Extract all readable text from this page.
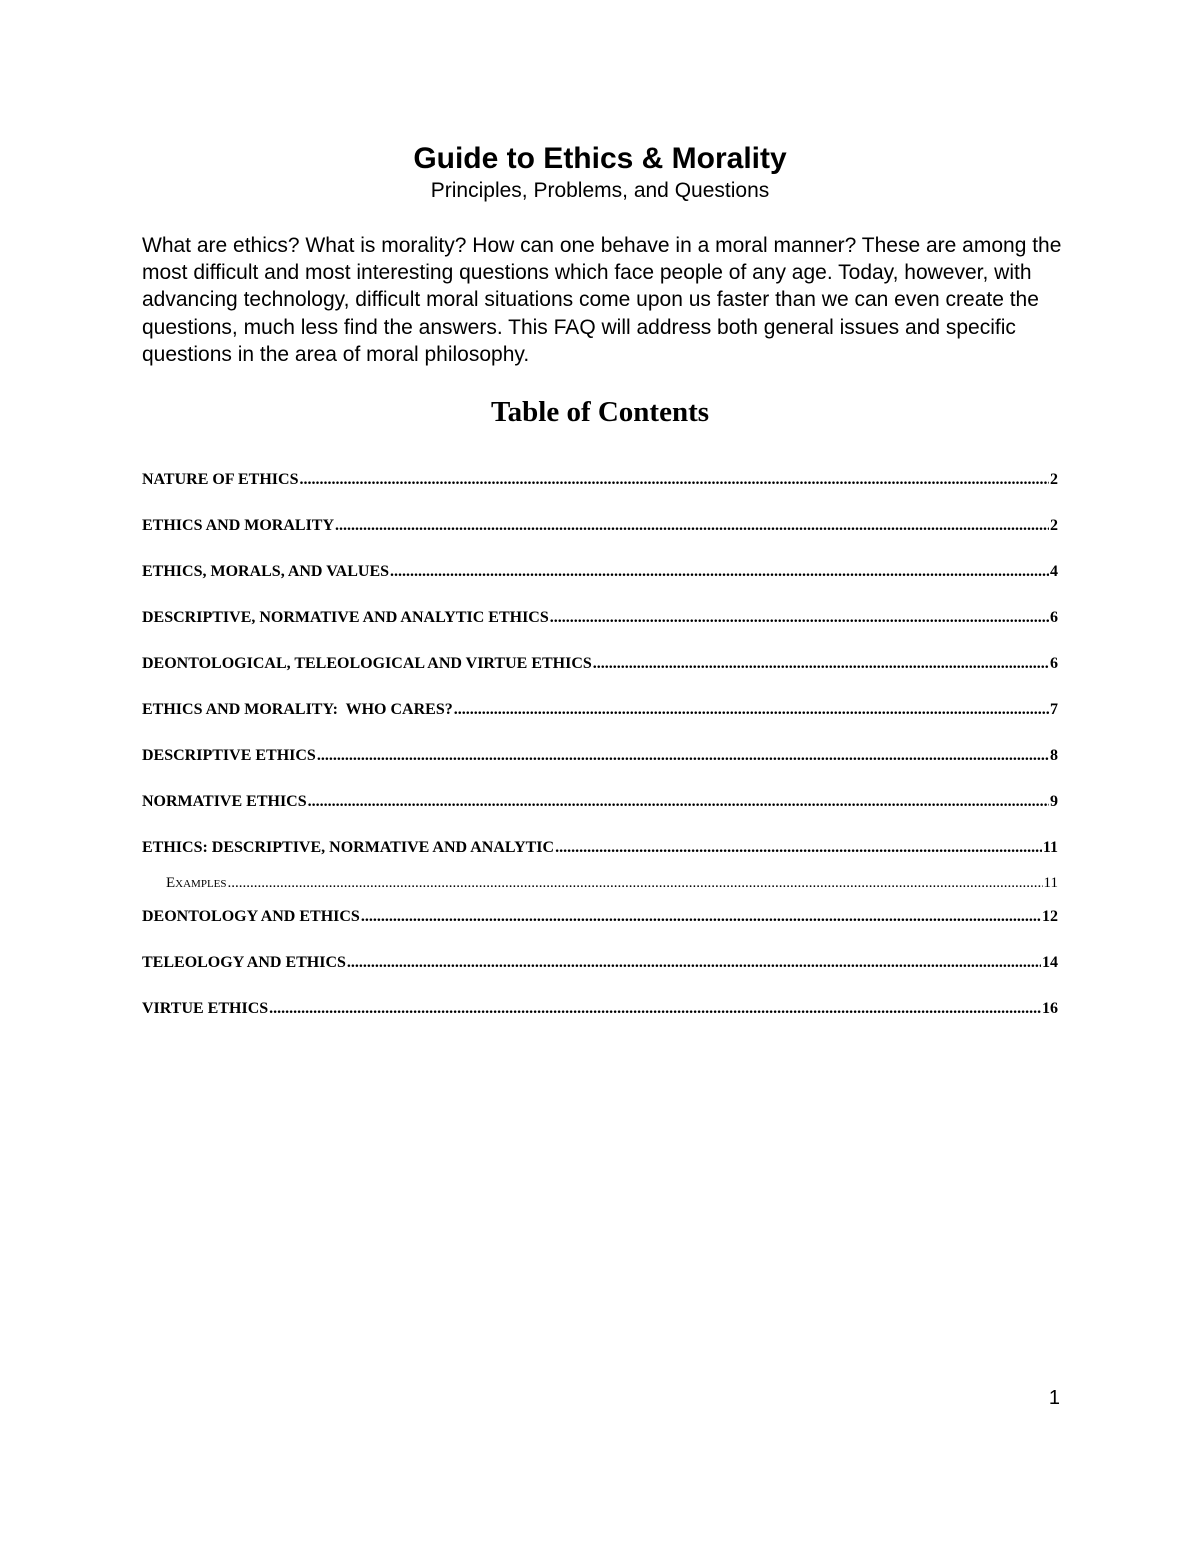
Guide to Ethics & Morality
Principles, Problems, and Questions

What are ethics? What is morality? How can one behave in a moral manner? These are among the most difficult and most interesting questions which face people of any age. Today, however, with advancing technology, difficult moral situations come upon us faster than we can even create the questions, much less find the answers. This FAQ will address both general issues and specific questions in the area of moral philosophy.

Table of Contents
NATURE OF ETHICS .....	2
ETHICS AND MORALITY .....	2
ETHICS, MORALS, AND VALUES .....	4
DESCRIPTIVE, NORMATIVE AND ANALYTIC ETHICS .....	6
DEONTOLOGICAL, TELEOLOGICAL AND VIRTUE ETHICS .....	6
ETHICS AND MORALITY:  WHO CARES? .....	7
DESCRIPTIVE ETHICS .....	8
NORMATIVE ETHICS .....	9
ETHICS: DESCRIPTIVE, NORMATIVE AND ANALYTIC .....	11
Examples .....	11
DEONTOLOGY AND ETHICS .....	12
TELEOLOGY AND ETHICS .....	14
VIRTUE ETHICS .....	16
1
